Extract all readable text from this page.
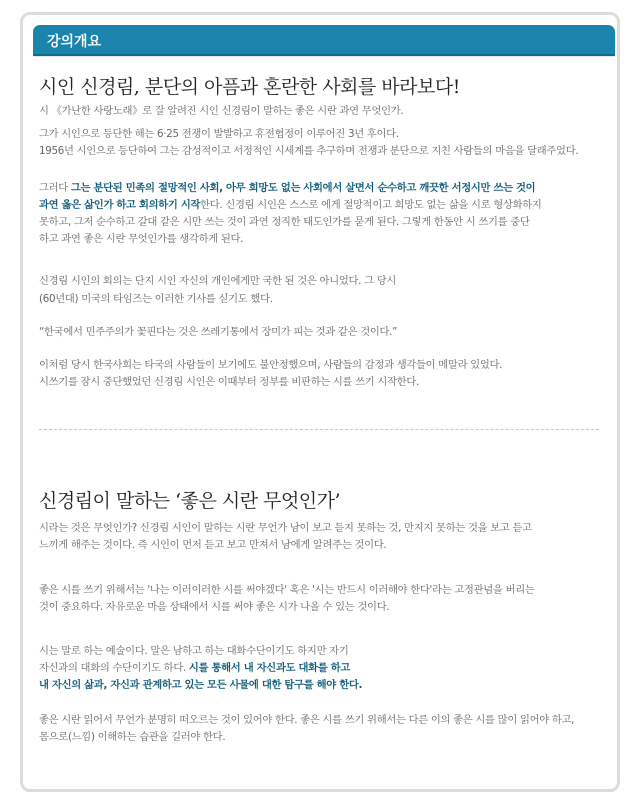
강의개요
시인 신경림, 분단의 아픔과 혼란한 사회를 바라보다!
시 《가난한 사랑노래》로 잘 알려진 시인 신경림이 말하는 좋은 시란 과연 무엇인가.
그가 시인으로 등단한 해는 6·25 전쟁이 발발하고 휴전협정이 이루어진 3년 후이다.
1956년 시인으로 등단하여 그는 감성적이고 서정적인 시세계를 추구하며 전쟁과 분단으로 지친 사람들의 마음을 달래주었다.
그러다 그는 분단된 민족의 절망적인 사회, 아무 희망도 없는 사회에서 살면서 순수하고 깨끗한 서정시만 쓰는 것이
과연 옳은 삶인가 하고 회의하기 시작한다. 신경림 시인은 스스로 에게 절망적이고 희망도 없는 삶을 시로 형상화하지
못하고, 그저 순수하고 갈대 같은 시만 쓰는 것이 과연 정직한 태도인가를 묻게 된다. 그렇게 한동안 시 쓰기를 중단
하고 과연 좋은 시란 무엇인가를 생각하게 된다.
신경림 시인의 회의는 단지 시인 자신의 개인에게만 국한 된 것은 아니었다. 그 당시
(60년대) 미국의 타임즈는 이러한 기사를 싣기도 했다.
“한국에서 민주주의가 꽃핀다는 것은 쓰레기통에서 장미가 피는 것과 같은 것이다.”
이처럼 당시 한국사회는 타국의 사람들이 보기에도 불안정했으며, 사람들의 감정과 생각들이 메말라 있었다.
시쓰기를 잠시 중단했었던 신경림 시인은 이때부터 정부를 비판하는 시를 쓰기 시작한다.
신경림이 말하는 ‘좋은 시란 무엇인가’
시라는 것은 무엇인가? 신경림 시인이 말하는 시란 무언가 남이 보고 듣지 못하는 것, 만지지 못하는 것을 보고 듣고
느끼게 해주는 것이다. 즉 시인이 먼저 듣고 보고 만져서 남에게 알려주는 것이다.
좋은 시를 쓰기 위해서는 '나는 이러이러한 시를 써야겠다' 혹은 '시는 반드시 이러해야 한다'라는 고정관념을 버리는
것이 중요하다. 자유로운 마음 상태에서 시를 써야 좋은 시가 나올 수 있는 것이다.
시는 말로 하는 예술이다. 말은 남하고 하는 대화수단이기도 하지만 자기
자신과의 대화의 수단이기도 하다. 시를 통해서 내 자신과도 대화를 하고
내 자신의 삶과, 자신과 관계하고 있는 모든 사물에 대한 탐구를 해야 한다.
좋은 시란 읽어서 무언가 분명히 떠오르는 것이 있어야 한다. 좋은 시를 쓰기 위해서는 다른 이의 좋은 시를 많이 읽어야 하고,
몸으로(느낌) 이해하는 습관을 길러야 한다.
